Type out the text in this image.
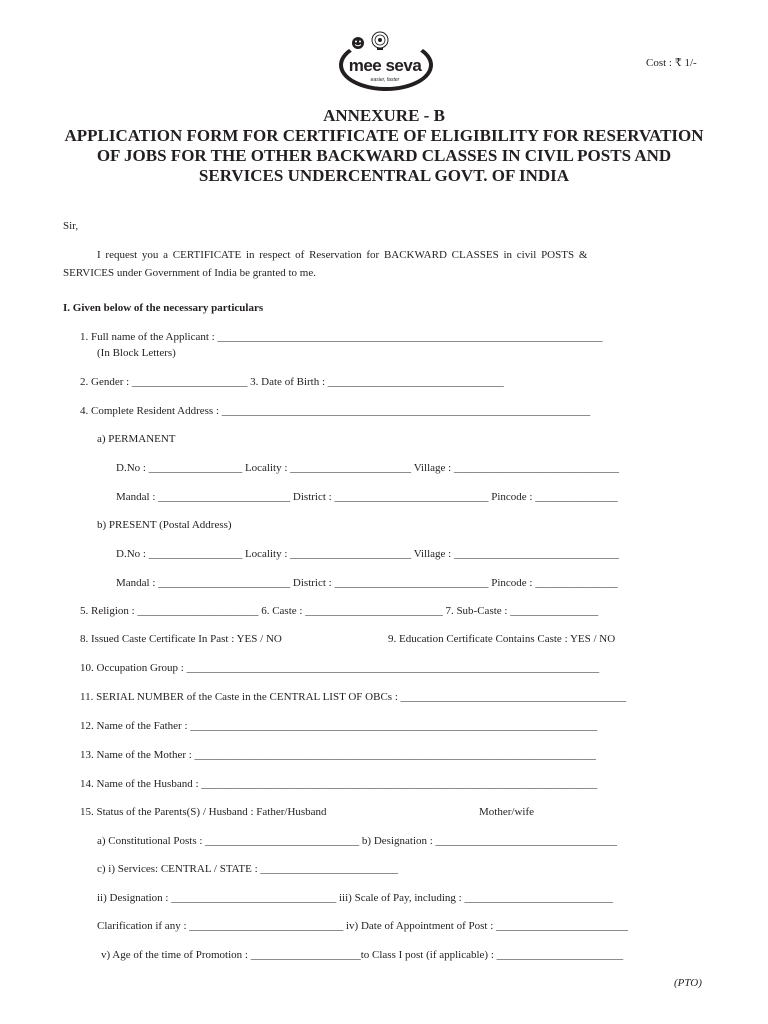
mee seva
easier, faster
Cost : ₹ 1/-
ANNEXURE - B
APPLICATION FORM FOR CERTIFICATE OF ELIGIBILITY FOR RESERVATION
OF JOBS FOR THE OTHER BACKWARD CLASSES IN CIVIL POSTS AND
SERVICES UNDERCENTRAL GOVT. OF INDIA
Sir,
I request you a CERTIFICATE in respect of Reservation for BACKWARD CLASSES in civil POSTS &
SERVICES under Government of India be granted to me.
I. Given below of the necessary particulars
1. Full name of the Applicant : ______________________________________________________________________
(In Block Letters)
2. Gender : _____________________ 3. Date of Birth : ________________________________
4. Complete Resident Address : ___________________________________________________________________
a) PERMANENT
D.No : _________________ Locality : ______________________ Village : ______________________________
Mandal : ________________________ District : ____________________________ Pincode : _______________
b) PRESENT (Postal Address)
D.No : _________________ Locality : ______________________ Village : ______________________________
Mandal : ________________________ District : ____________________________ Pincode : _______________
5. Religion : ______________________ 6. Caste : _________________________ 7. Sub-Caste : ________________
8. Issued Caste Certificate In Past : YES / NO	9. Education Certificate Contains Caste : YES / NO
10. Occupation Group : ___________________________________________________________________________
11. SERIAL NUMBER of the Caste in the CENTRAL LIST OF OBCs : _________________________________________
12. Name of the Father : __________________________________________________________________________
13. Name of the Mother : _________________________________________________________________________
14. Name of the Husband : ________________________________________________________________________
15. Status of the Parents(S) / Husband : Father/Husband	Mother/wife
a) Constitutional Posts : ____________________________ b) Designation : _________________________________
c) i) Services: CENTRAL / STATE : _________________________
ii) Designation : ______________________________ iii) Scale of Pay, including : ___________________________
Clarification if any : ____________________________ iv) Date of Appointment of Post : ________________________
v) Age of the time of Promotion : ____________________to Class I post (if applicable) : _______________________
(PTO)
